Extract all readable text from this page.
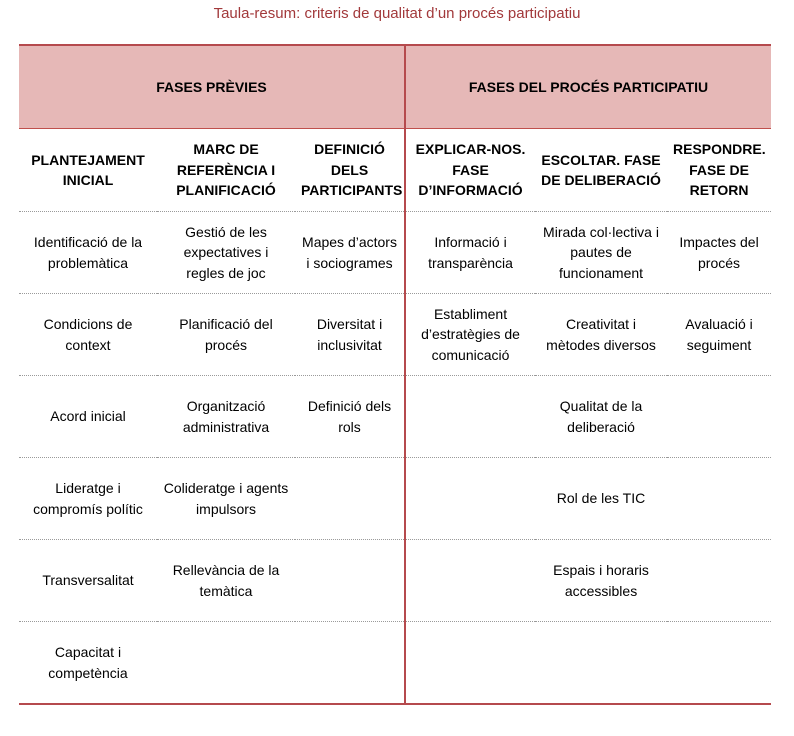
Taula-resum: criteris de qualitat d’un procés participatiu
FASES PRÈVIES			FASES DEL PROCÉS PARTICIPATIU		
PLANTEJAMENT INICIAL	MARC DE REFERÈNCIA I PLANIFICACIÓ	DEFINICIÓ DELS PARTICIPANTS	EXPLICAR-NOS. FASE D’INFORMACIÓ	ESCOLTAR. FASE DE DELIBERACIÓ	RESPONDRE. FASE DE RETORN
Identificació de la problemàtica	Gestió de les expectatives i regles de joc	Mapes d’actors i sociogrames	Informació i transparència	Mirada col·lectiva i pautes de funcionament	Impactes del procés
Condicions de context	Planificació del procés	Diversitat i inclusivitat	Establiment d’estratègies de comunicació	Creativitat i mètodes diversos	Avaluació i seguiment
Acord inicial	Organització administrativa	Definició dels rols		Qualitat de la deliberació	
Lideratge i compromís polític	Colideratge i agents impulsors			Rol de les TIC	
Transversalitat	Rellevància de la temàtica			Espais i horaris accessibles	
Capacitat i competència					
